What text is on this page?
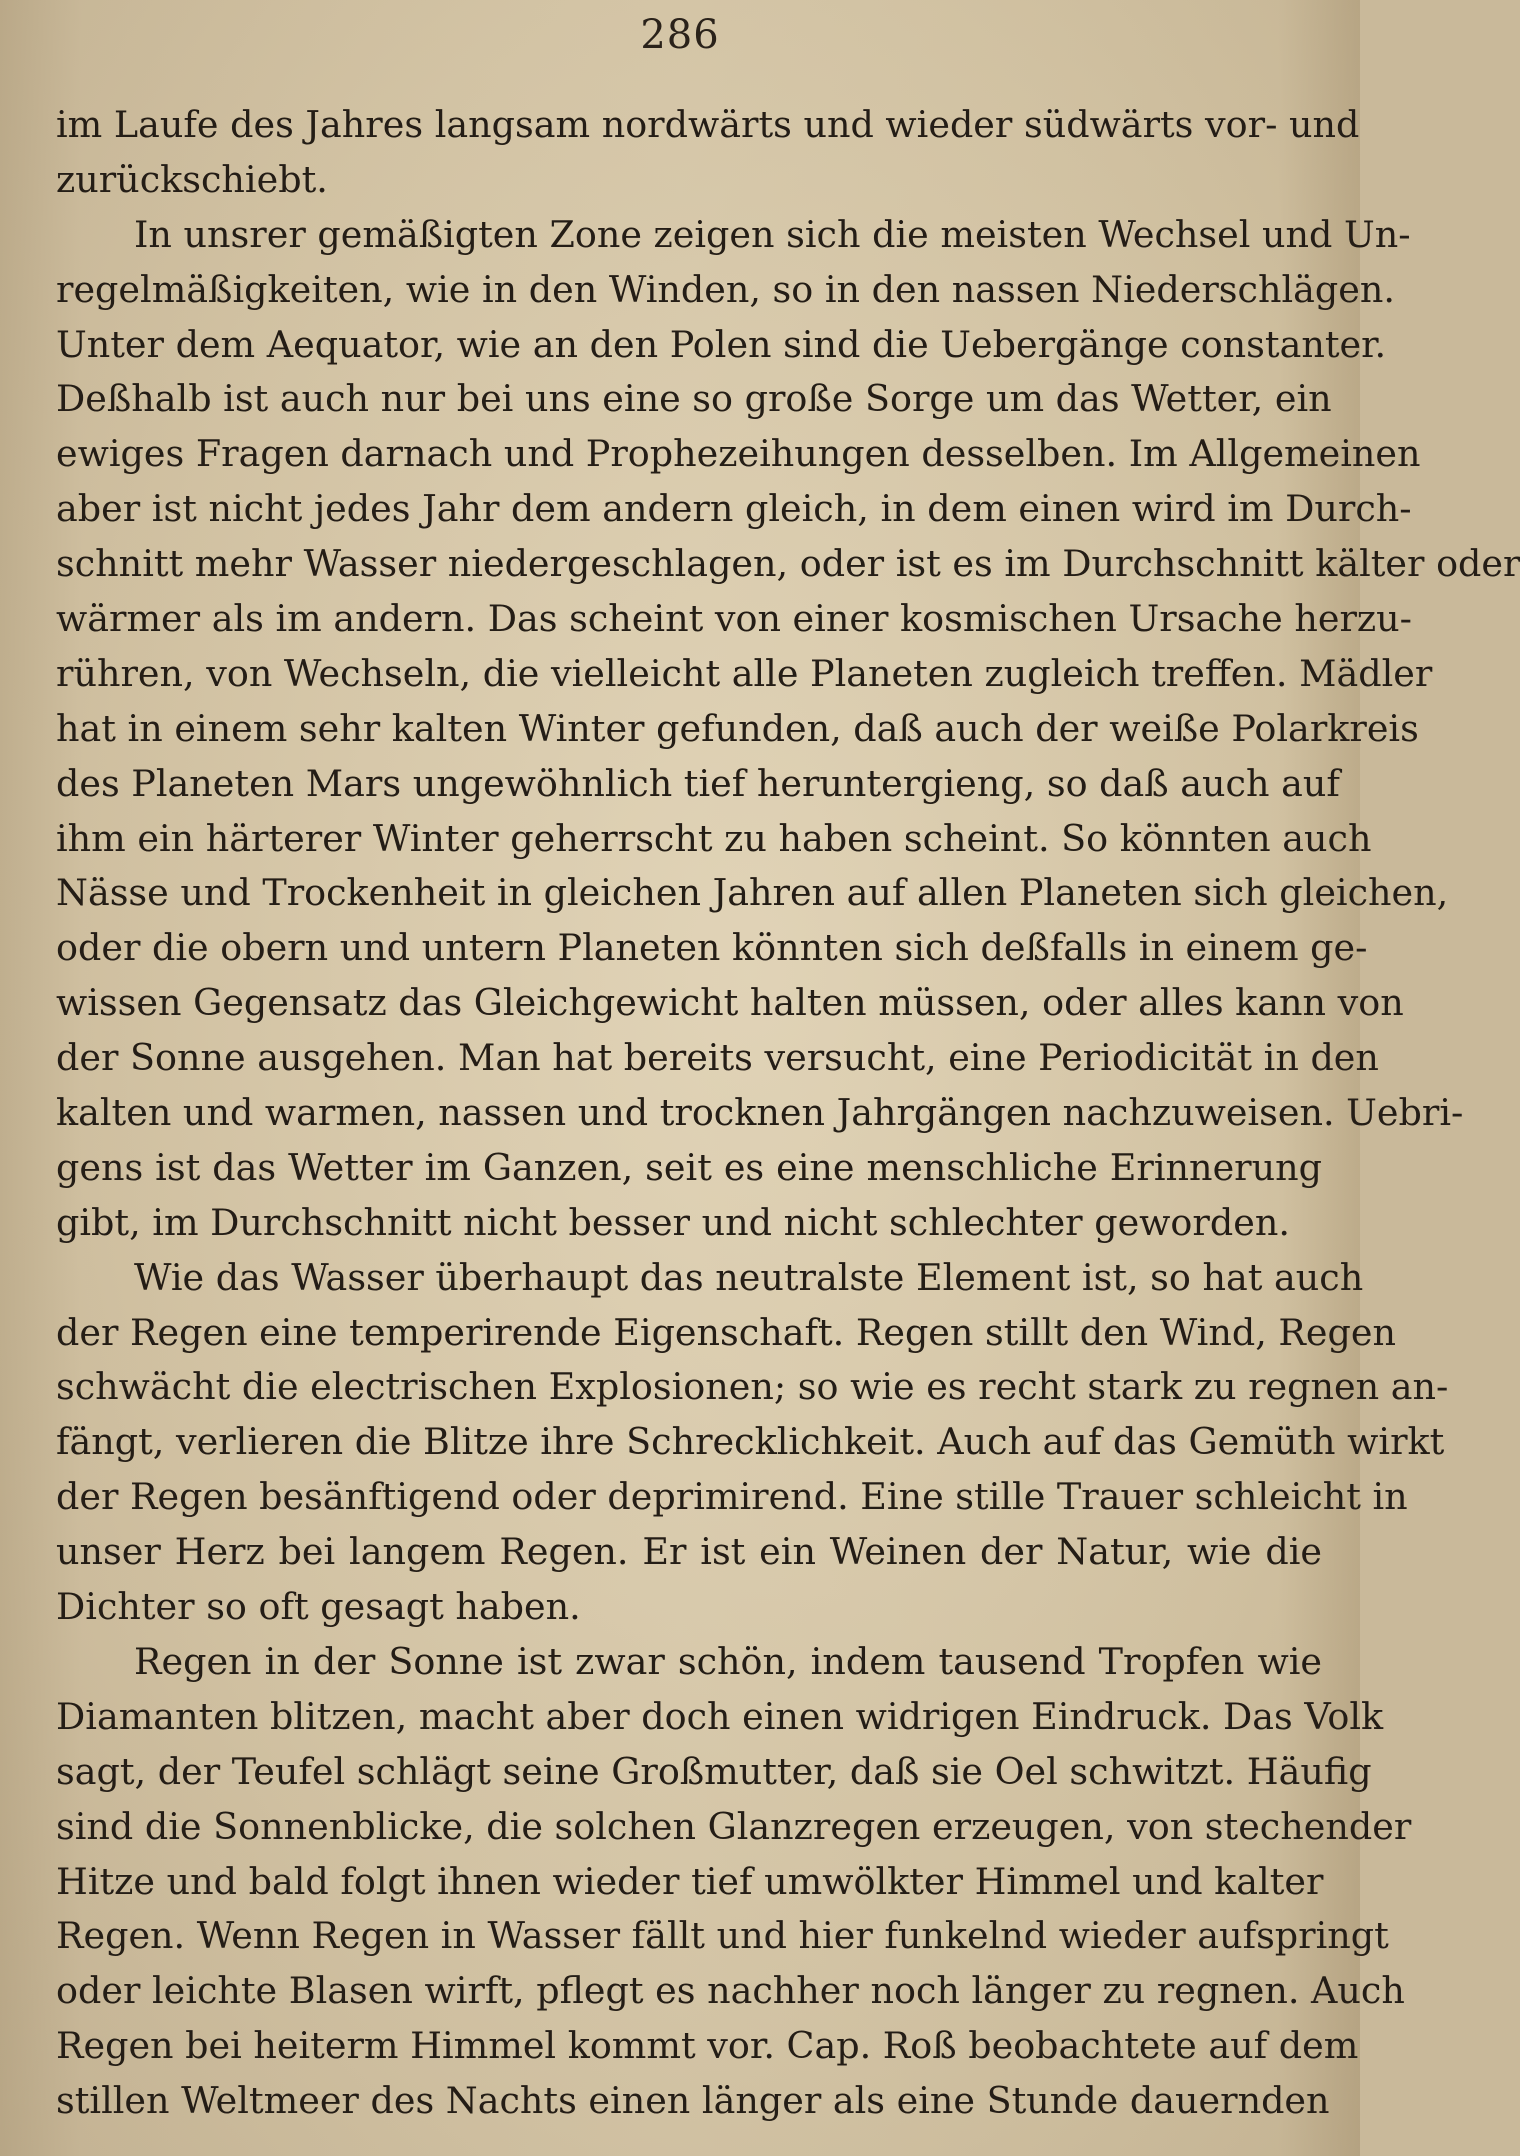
286
im Laufe des Jahres langsam nordwärts und wieder südwärts vor- und
zurückschiebt.
In unsrer gemäßigten Zone zeigen sich die meisten Wechsel und Un-
regelmäßigkeiten, wie in den Winden, so in den nassen Niederschlägen.
Unter dem Aequator, wie an den Polen sind die Uebergänge constanter.
Deßhalb ist auch nur bei uns eine so große Sorge um das Wetter, ein
ewiges Fragen darnach und Prophezeihungen desselben. Im Allgemeinen
aber ist nicht jedes Jahr dem andern gleich, in dem einen wird im Durch-
schnitt mehr Wasser niedergeschlagen, oder ist es im Durchschnitt kälter oder
wärmer als im andern. Das scheint von einer kosmischen Ursache herzu-
rühren, von Wechseln, die vielleicht alle Planeten zugleich treffen. Mädler
hat in einem sehr kalten Winter gefunden, daß auch der weiße Polarkreis
des Planeten Mars ungewöhnlich tief heruntergieng, so daß auch auf
ihm ein härterer Winter geherrscht zu haben scheint. So könnten auch
Nässe und Trockenheit in gleichen Jahren auf allen Planeten sich gleichen,
oder die obern und untern Planeten könnten sich deßfalls in einem ge-
wissen Gegensatz das Gleichgewicht halten müssen, oder alles kann von
der Sonne ausgehen. Man hat bereits versucht, eine Periodicität in den
kalten und warmen, nassen und trocknen Jahrgängen nachzuweisen. Uebri-
gens ist das Wetter im Ganzen, seit es eine menschliche Erinnerung
gibt, im Durchschnitt nicht besser und nicht schlechter geworden.
Wie das Wasser überhaupt das neutralste Element ist, so hat auch
der Regen eine temperirende Eigenschaft. Regen stillt den Wind, Regen
schwächt die electrischen Explosionen; so wie es recht stark zu regnen an-
fängt, verlieren die Blitze ihre Schrecklichkeit. Auch auf das Gemüth wirkt
der Regen besänftigend oder deprimirend. Eine stille Trauer schleicht in
unser Herz bei langem Regen. Er ist ein Weinen der Natur, wie die
Dichter so oft gesagt haben.
Regen in der Sonne ist zwar schön, indem tausend Tropfen wie
Diamanten blitzen, macht aber doch einen widrigen Eindruck. Das Volk
sagt, der Teufel schlägt seine Großmutter, daß sie Oel schwitzt. Häufig
sind die Sonnenblicke, die solchen Glanzregen erzeugen, von stechender
Hitze und bald folgt ihnen wieder tief umwölkter Himmel und kalter
Regen. Wenn Regen in Wasser fällt und hier funkelnd wieder aufspringt
oder leichte Blasen wirft, pflegt es nachher noch länger zu regnen. Auch
Regen bei heiterm Himmel kommt vor. Cap. Roß beobachtete auf dem
stillen Weltmeer des Nachts einen länger als eine Stunde dauernden
